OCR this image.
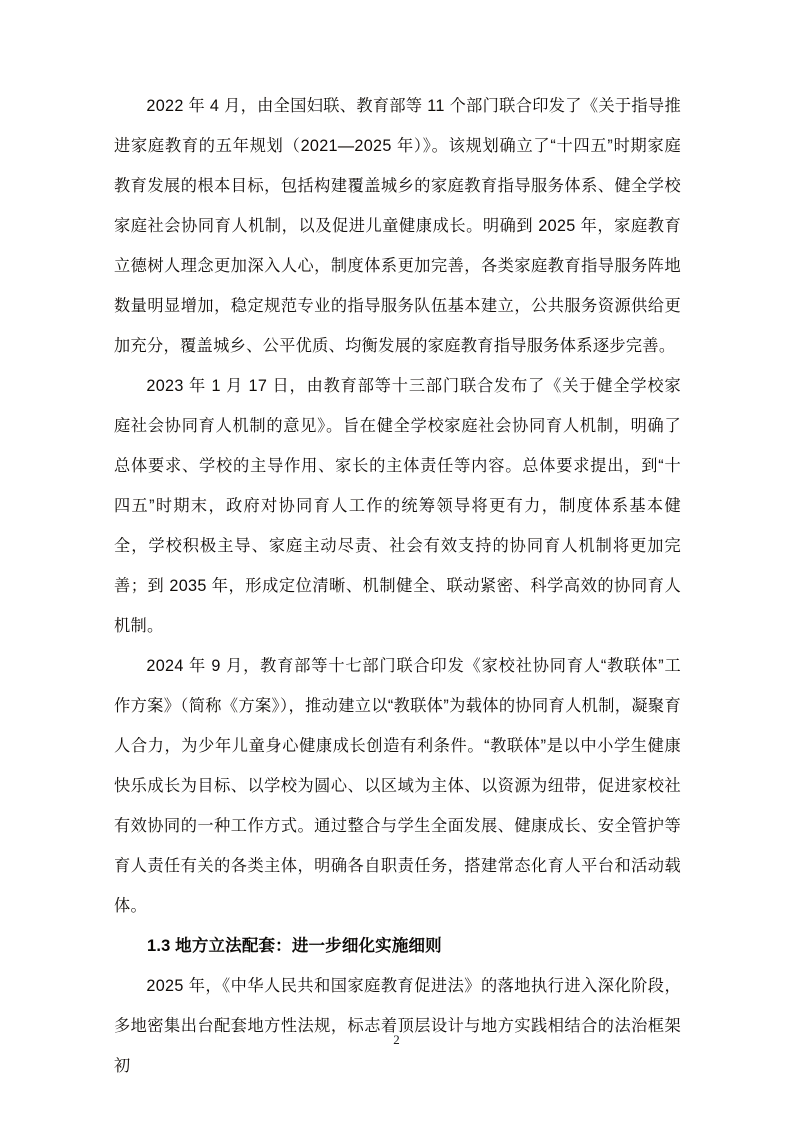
2022 年 4 月，由全国妇联、教育部等 11 个部门联合印发了《关于指导推进家庭教育的五年规划（2021—2025 年）》。该规划确立了“十四五”时期家庭教育发展的根本目标，包括构建覆盖城乡的家庭教育指导服务体系、健全学校家庭社会协同育人机制，以及促进儿童健康成长。明确到 2025 年，家庭教育立德树人理念更加深入人心，制度体系更加完善，各类家庭教育指导服务阵地数量明显增加，稳定规范专业的指导服务队伍基本建立，公共服务资源供给更加充分，覆盖城乡、公平优质、均衡发展的家庭教育指导服务体系逐步完善。

2023 年 1 月 17 日，由教育部等十三部门联合发布了《关于健全学校家庭社会协同育人机制的意见》。旨在健全学校家庭社会协同育人机制，明确了总体要求、学校的主导作用、家长的主体责任等内容。总体要求提出，到“十四五”时期末，政府对协同育人工作的统筹领导将更有力，制度体系基本健全，学校积极主导、家庭主动尽责、社会有效支持的协同育人机制将更加完善；到 2035 年，形成定位清晰、机制健全、联动紧密、科学高效的协同育人机制。

2024 年 9 月，教育部等十七部门联合印发《家校社协同育人“教联体”工作方案》（简称《方案》），推动建立以“教联体”为载体的协同育人机制，凝聚育人合力，为少年儿童身心健康成长创造有利条件。“教联体”是以中小学生健康快乐成长为目标、以学校为圆心、以区域为主体、以资源为纽带，促进家校社有效协同的一种工作方式。通过整合与学生全面发展、健康成长、安全管护等育人责任有关的各类主体，明确各自职责任务，搭建常态化育人平台和活动载体。

1.3 地方立法配套：进一步细化实施细则

2025 年，《中华人民共和国家庭教育促进法》的落地执行进入深化阶段，多地密集出台配套地方性法规，标志着顶层设计与地方实践相结合的法治框架初

2
